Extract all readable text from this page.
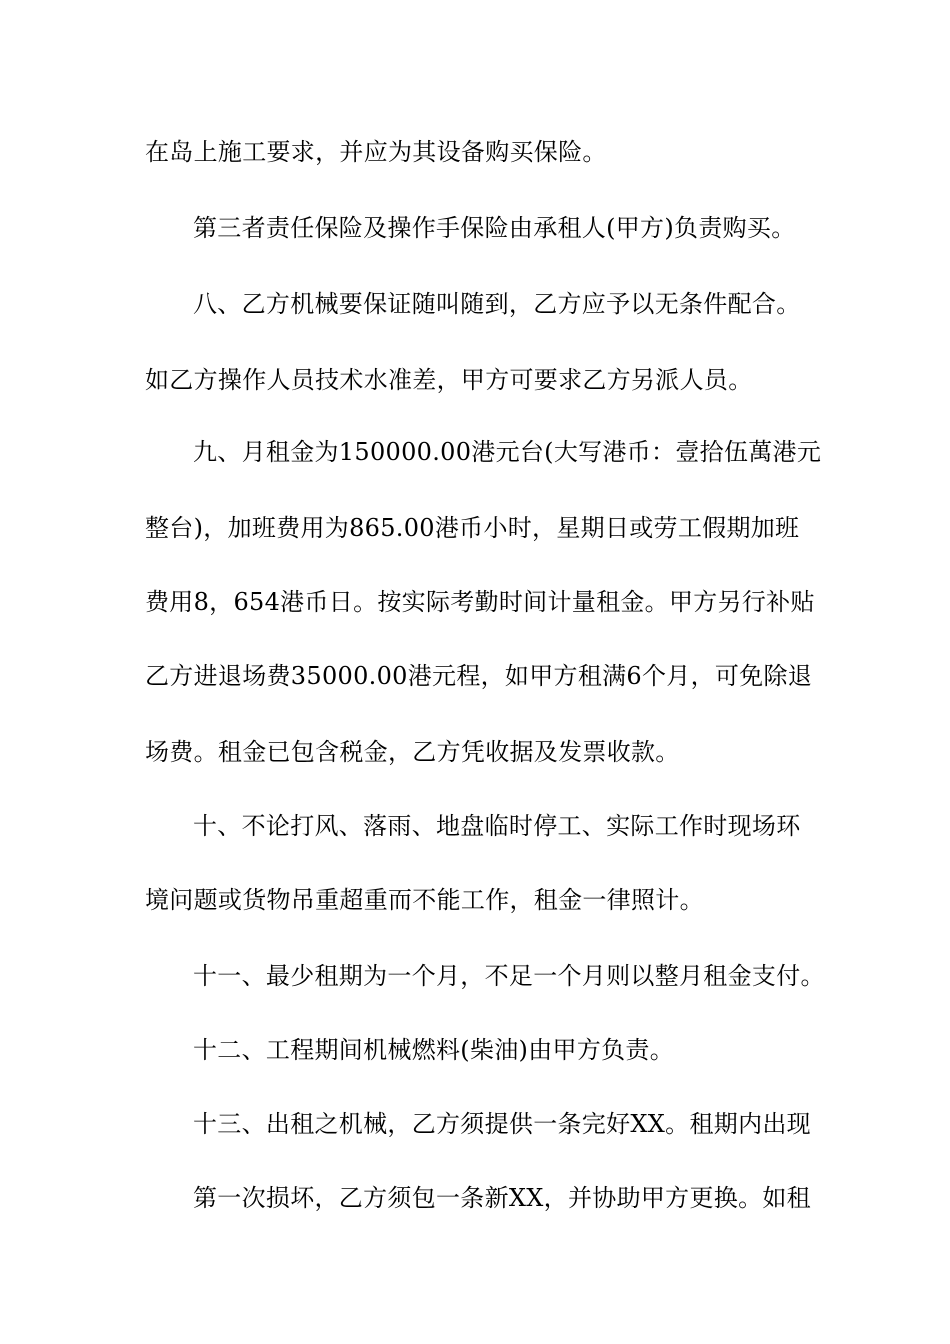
在岛上施工要求，并应为其设备购买保险。
第三者责任保险及操作手保险由承租人(甲方)负责购买。
八、乙方机械要保证随叫随到，乙方应予以无条件配合。
如乙方操作人员技术水准差，甲方可要求乙方另派人员。
九、月租金为150000.00港元台(大写港币：壹拾伍萬港元
整台)，加班费用为865.00港币小时，星期日或劳工假期加班
费用8，654港币日。按实际考勤时间计量租金。甲方另行补贴
乙方进退场费35000.00港元程，如甲方租满6个月，可免除退
场费。租金已包含税金，乙方凭收据及发票收款。
十、不论打风、落雨、地盘临时停工、实际工作时现场环
境问题或货物吊重超重而不能工作，租金一律照计。
十一、最少租期为一个月，不足一个月则以整月租金支付。
十二、工程期间机械燃料(柴油)由甲方负责。
十三、出租之机械，乙方须提供一条完好XX。租期内出现
第一次损坏，乙方须包一条新XX，并协助甲方更换。如租
